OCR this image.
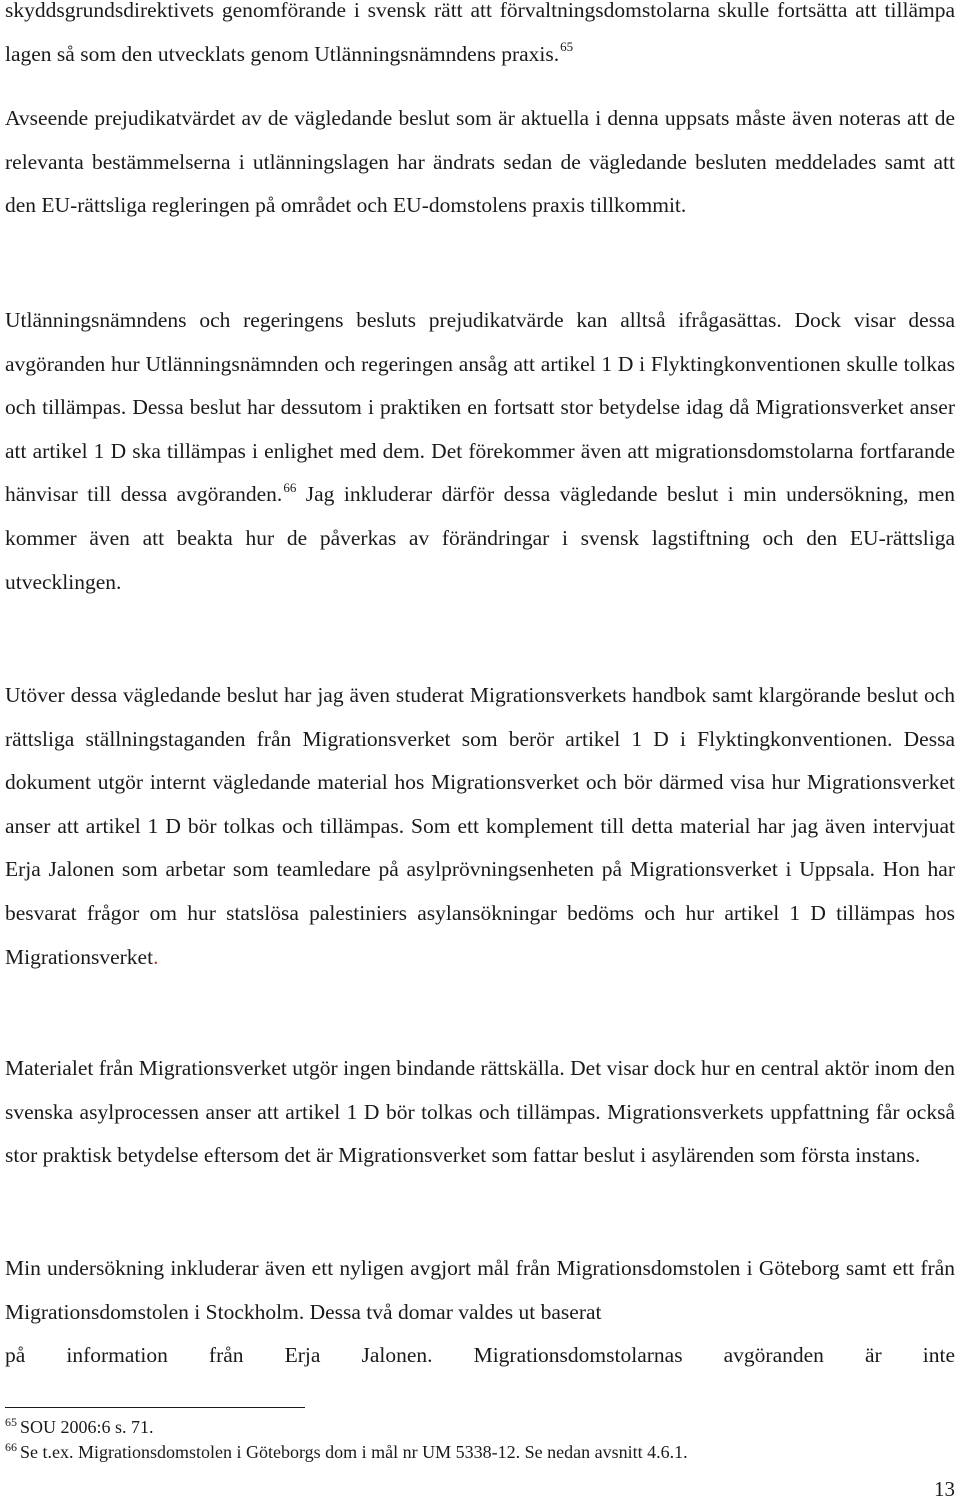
skyddsgrundsdirektivets genomförande i svensk rätt att förvaltningsdomstolarna skulle fortsätta att tillämpa lagen så som den utvecklats genom Utlänningsnämndens praxis.$^{65}$

Avseende prejudikatvärdet av de vägledande beslut som är aktuella i denna uppsats måste även noteras att de relevanta bestämmelserna i utlänningslagen har ändrats sedan de vägledande besluten meddelades samt att den EU-rättsliga regleringen på området och EU-domstolens praxis tillkommit.

Utlänningsnämndens och regeringens besluts prejudikatvärde kan alltså ifrågasättas. Dock visar dessa avgöranden hur Utlänningsnämnden och regeringen ansåg att artikel 1 D i Flyktingkonventionen skulle tolkas och tillämpas. Dessa beslut har dessutom i praktiken en fortsatt stor betydelse idag då Migrationsverket anser att artikel 1 D ska tillämpas i enlighet med dem. Det förekommer även att migrationsdomstolarna fortfarande hänvisar till dessa avgöranden.$^{66}$ Jag inkluderar därför dessa vägledande beslut i min undersökning, men kommer även att beakta hur de påverkas av förändringar i svensk lagstiftning och den EU-rättsliga utvecklingen.

Utöver dessa vägledande beslut har jag även studerat Migrationsverkets handbok samt klargörande beslut och rättsliga ställningstaganden från Migrationsverket som berör artikel 1 D i Flyktingkonventionen. Dessa dokument utgör internt vägledande material hos Migrationsverket och bör därmed visa hur Migrationsverket anser att artikel 1 D bör tolkas och tillämpas. Som ett komplement till detta material har jag även intervjuat Erja Jalonen som arbetar som teamledare på asylprövningsenheten på Migrationsverket i Uppsala. Hon har besvarat frågor om hur statslösa palestiniers asylansökningar bedöms och hur artikel 1 D tillämpas hos Migrationsverket.

Materialet från Migrationsverket utgör ingen bindande rättskälla. Det visar dock hur en central aktör inom den svenska asylprocessen anser att artikel 1 D bör tolkas och tillämpas. Migrationsverkets uppfattning får också stor praktisk betydelse eftersom det är Migrationsverket som fattar beslut i asylärenden som första instans.

Min undersökning inkluderar även ett nyligen avgjort mål från Migrationsdomstolen i Göteborg samt ett från Migrationsdomstolen i Stockholm. Dessa två domar valdes ut baserat
på information från Erja Jalonen. Migrationsdomstolarnas avgöranden är inte

$^{65}$ SOU 2006:6 s. 71.

$^{66}$ Se t.ex. Migrationsdomstolen i Göteborgs dom i mål nr UM 5338-12. Se nedan avsnitt 4.6.1.

13
